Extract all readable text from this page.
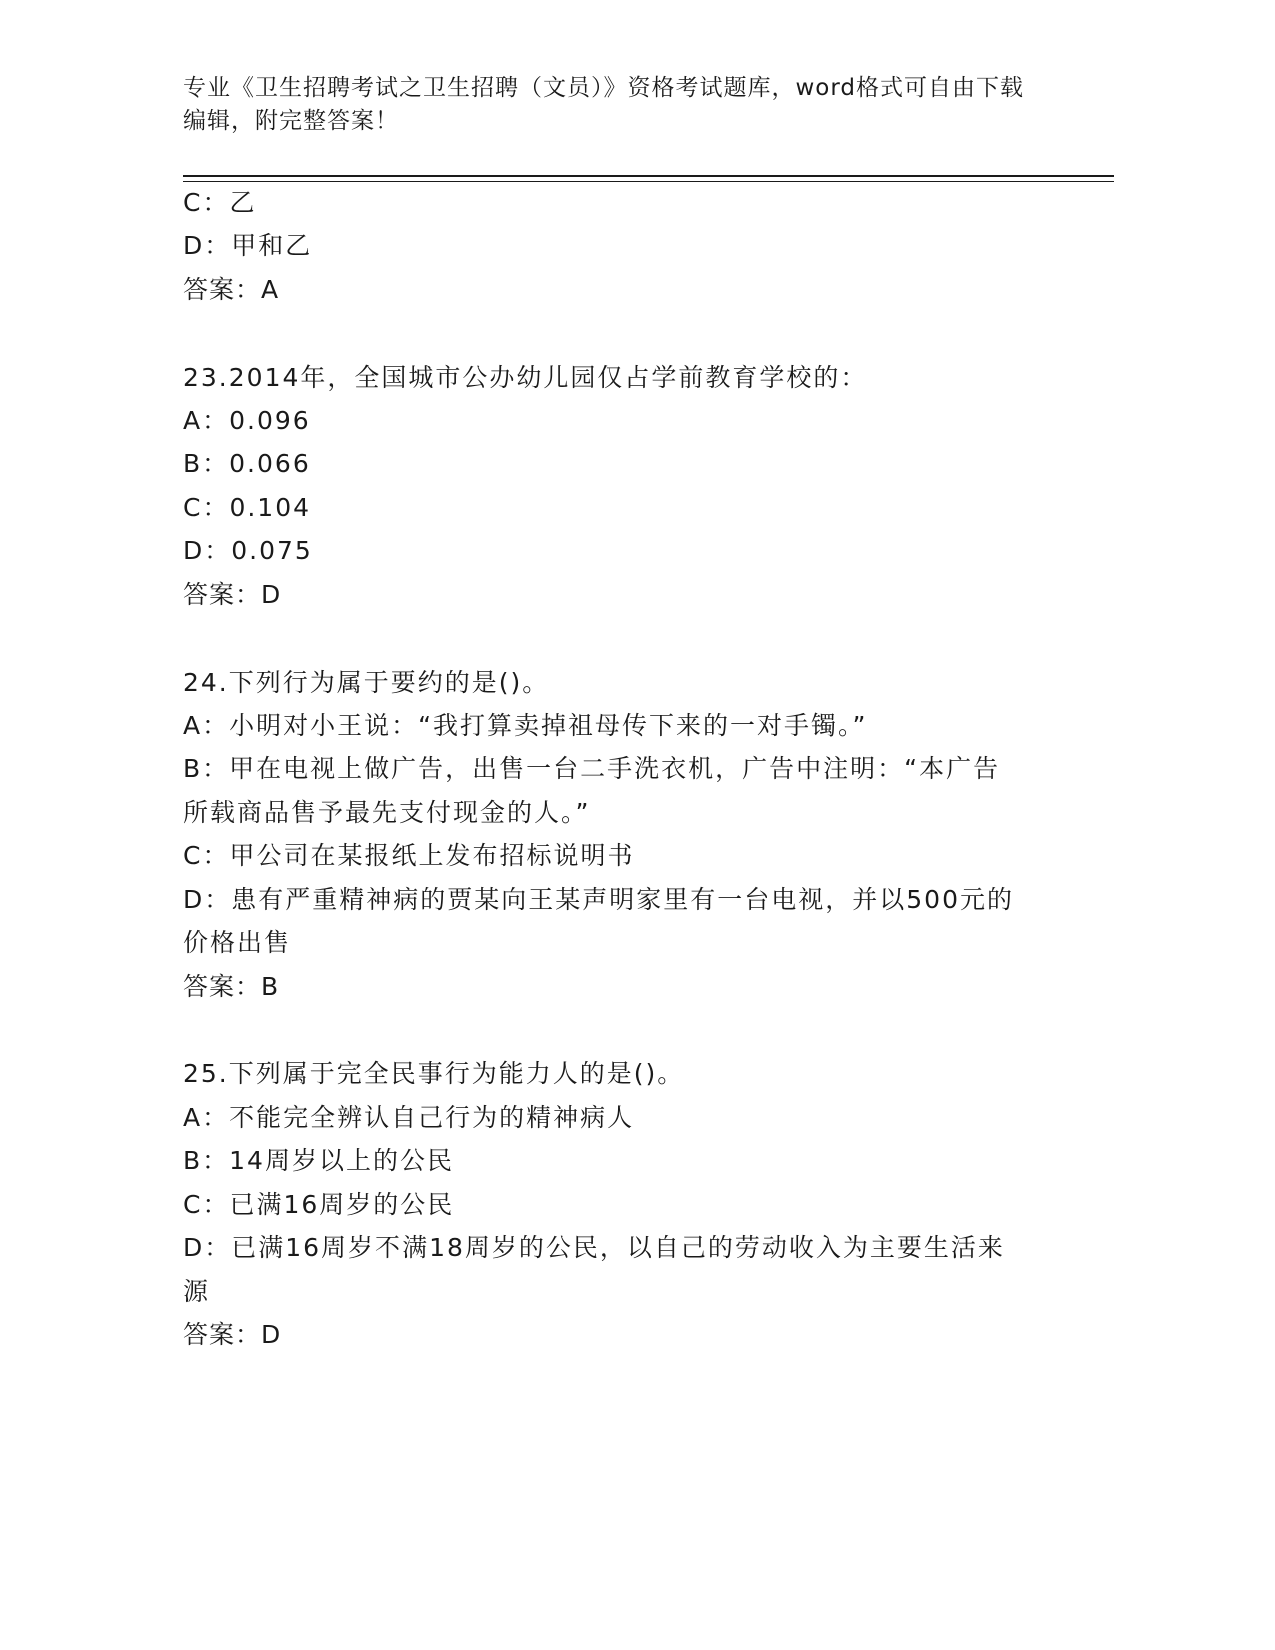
专业《卫生招聘考试之卫生招聘（文员）》资格考试题库，word格式可自由下载
编辑，附完整答案！
C：乙
D：甲和乙
答案：A
23.2014年，全国城市公办幼儿园仅占学前教育学校的：
A：0.096
B：0.066
C：0.104
D：0.075
答案：D
24.下列行为属于要约的是()。
A：小明对小王说：“我打算卖掉祖母传下来的一对手镯。”
B：甲在电视上做广告，出售一台二手洗衣机，广告中注明：“本广告
所载商品售予最先支付现金的人。”
C：甲公司在某报纸上发布招标说明书
D：患有严重精神病的贾某向王某声明家里有一台电视，并以500元的
价格出售
答案：B
25.下列属于完全民事行为能力人的是()。
A：不能完全辨认自己行为的精神病人
B：14周岁以上的公民
C：已满16周岁的公民
D：已满16周岁不满18周岁的公民，以自己的劳动收入为主要生活来
源
答案：D
